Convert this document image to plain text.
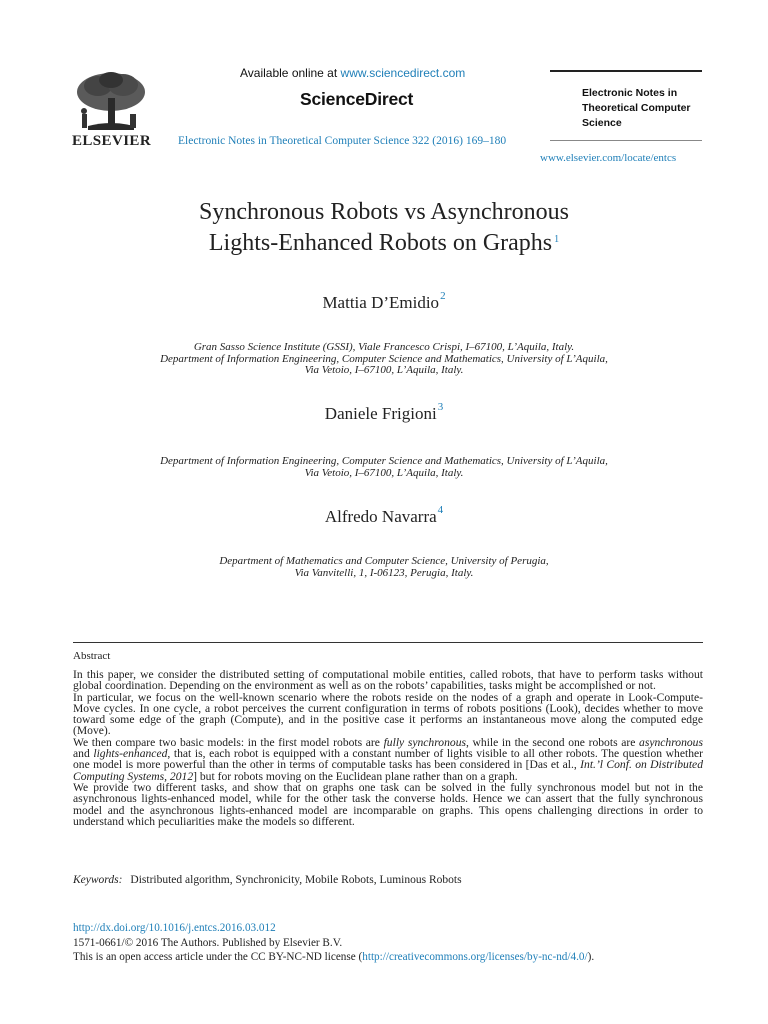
ELSEVIER
Available online at www.sciencedirect.com
ScienceDirect
Electronic Notes in Theoretical Computer Science 322 (2016) 169–180
Electronic Notes in Theoretical Computer Science
www.elsevier.com/locate/entcs
Synchronous Robots vs Asynchronous
Lights-Enhanced Robots on Graphs $^1$
Mattia D’Emidio$^2$
Gran Sasso Science Institute (GSSI), Viale Francesco Crispi, I–67100, L’Aquila, Italy.
Department of Information Engineering, Computer Science and Mathematics, University of L’Aquila,
Via Vetoio, I–67100, L’Aquila, Italy.
Daniele Frigioni$^3$
Department of Information Engineering, Computer Science and Mathematics, University of L’Aquila,
Via Vetoio, I–67100, L’Aquila, Italy.
Alfredo Navarra$^4$
Department of Mathematics and Computer Science, University of Perugia,
Via Vanvitelli, 1, I-06123, Perugia, Italy.
Abstract

In this paper, we consider the distributed setting of computational mobile entities, called robots, that have to perform tasks without global coordination. Depending on the environment as well as on the robots’ capabilities, tasks might be accomplished or not.

In particular, we focus on the well-known scenario where the robots reside on the nodes of a graph and operate in Look-Compute-Move cycles. In one cycle, a robot perceives the current configuration in terms of robots positions (Look), decides whether to move toward some edge of the graph (Compute), and in the positive case it performs an instantaneous move along the computed edge (Move).

We then compare two basic models: in the first model robots are fully synchronous, while in the second one robots are asynchronous and lights-enhanced, that is, each robot is equipped with a constant number of lights visible to all other robots. The question whether one model is more powerful than the other in terms of computable tasks has been considered in [Das et al., Int.’l Conf. on Distributed Computing Systems, 2012] but for robots moving on the Euclidean plane rather than on a graph.

We provide two different tasks, and show that on graphs one task can be solved in the fully synchronous model but not in the asynchronous lights-enhanced model, while for the other task the converse holds. Hence we can assert that the fully synchronous model and the asynchronous lights-enhanced model are incomparable on graphs. This opens challenging directions in order to understand which peculiarities make the models so different.

Keywords: Distributed algorithm, Synchronicity, Mobile Robots, Luminous Robots
http://dx.doi.org/10.1016/j.entcs.2016.03.012
1571-0661/© 2016 The Authors. Published by Elsevier B.V.
This is an open access article under the CC BY-NC-ND license (http://creativecommons.org/licenses/by-nc-nd/4.0/).
